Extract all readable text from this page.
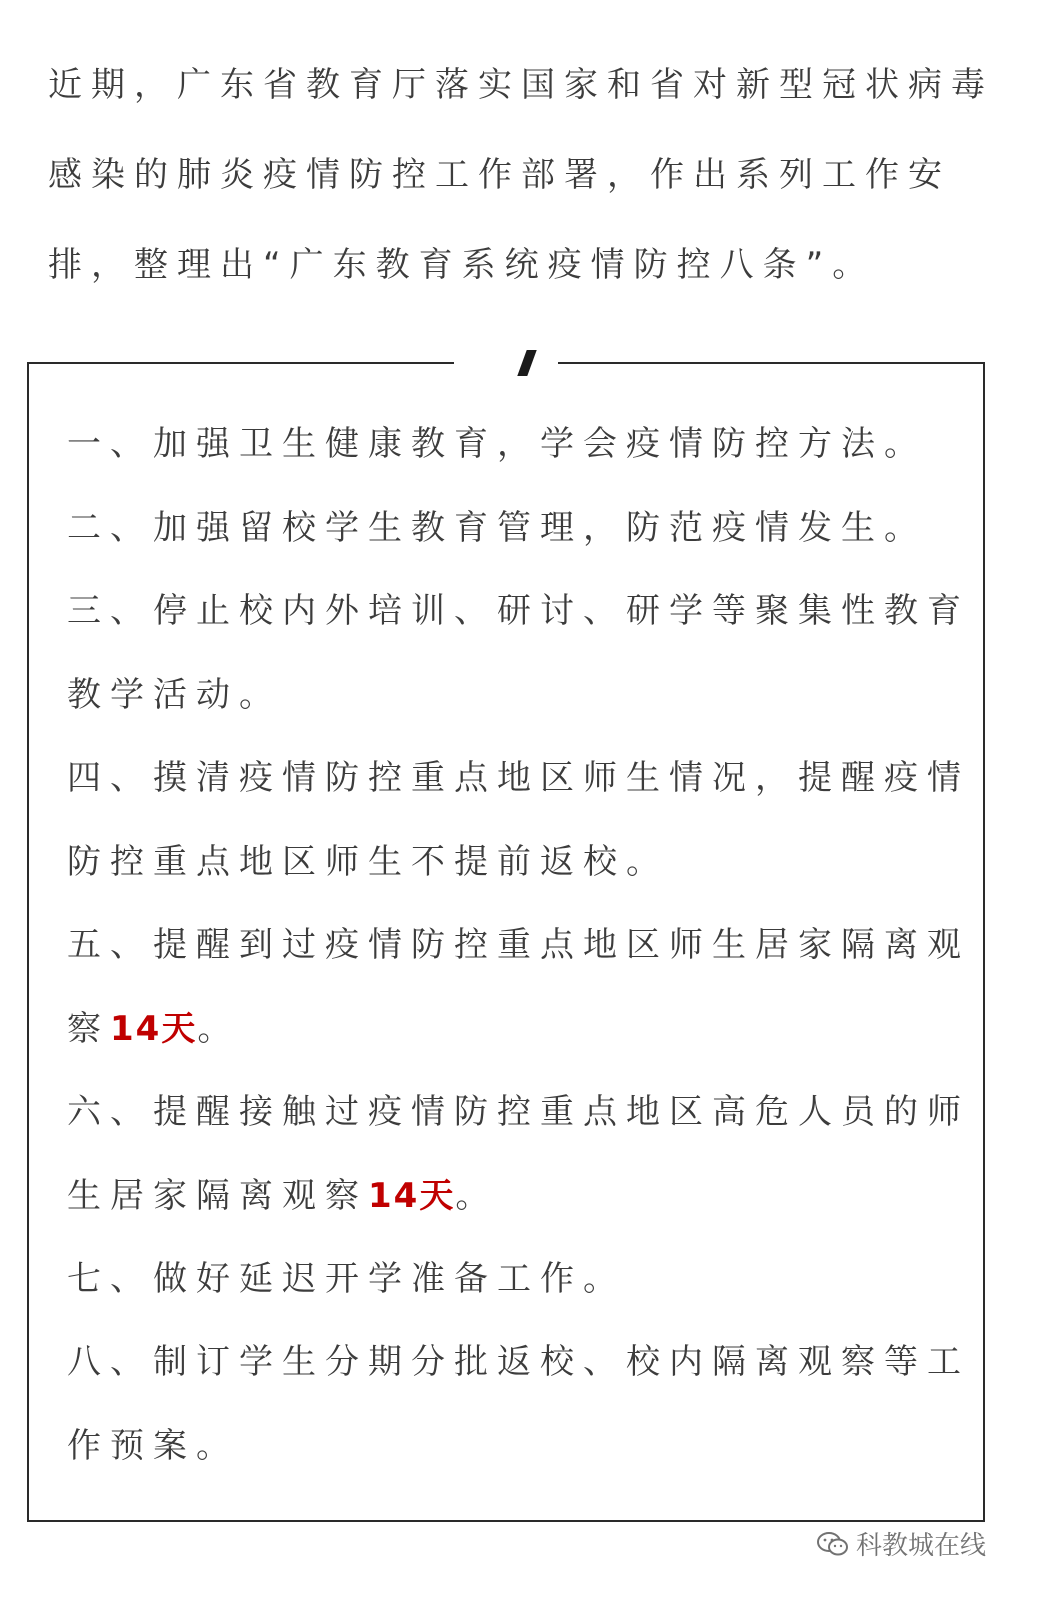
近期，广东省教育厅落实国家和省对新型冠状病毒

感染的肺炎疫情防控工作部署，作出系列工作安

排，整理出“广东教育系统疫情防控八条”。

一、加强卫生健康教育，学会疫情防控方法。

二、加强留校学生教育管理，防范疫情发生。

三、停止校内外培训、研讨、研学等聚集性教育

教学活动。

四、摸清疫情防控重点地区师生情况，提醒疫情

防控重点地区师生不提前返校。

五、提醒到过疫情防控重点地区师生居家隔离观

察14天。

六、提醒接触过疫情防控重点地区高危人员的师

生居家隔离观察14天。

七、做好延迟开学准备工作。

八、制订学生分期分批返校、校内隔离观察等工

作预案。

科教城在线
